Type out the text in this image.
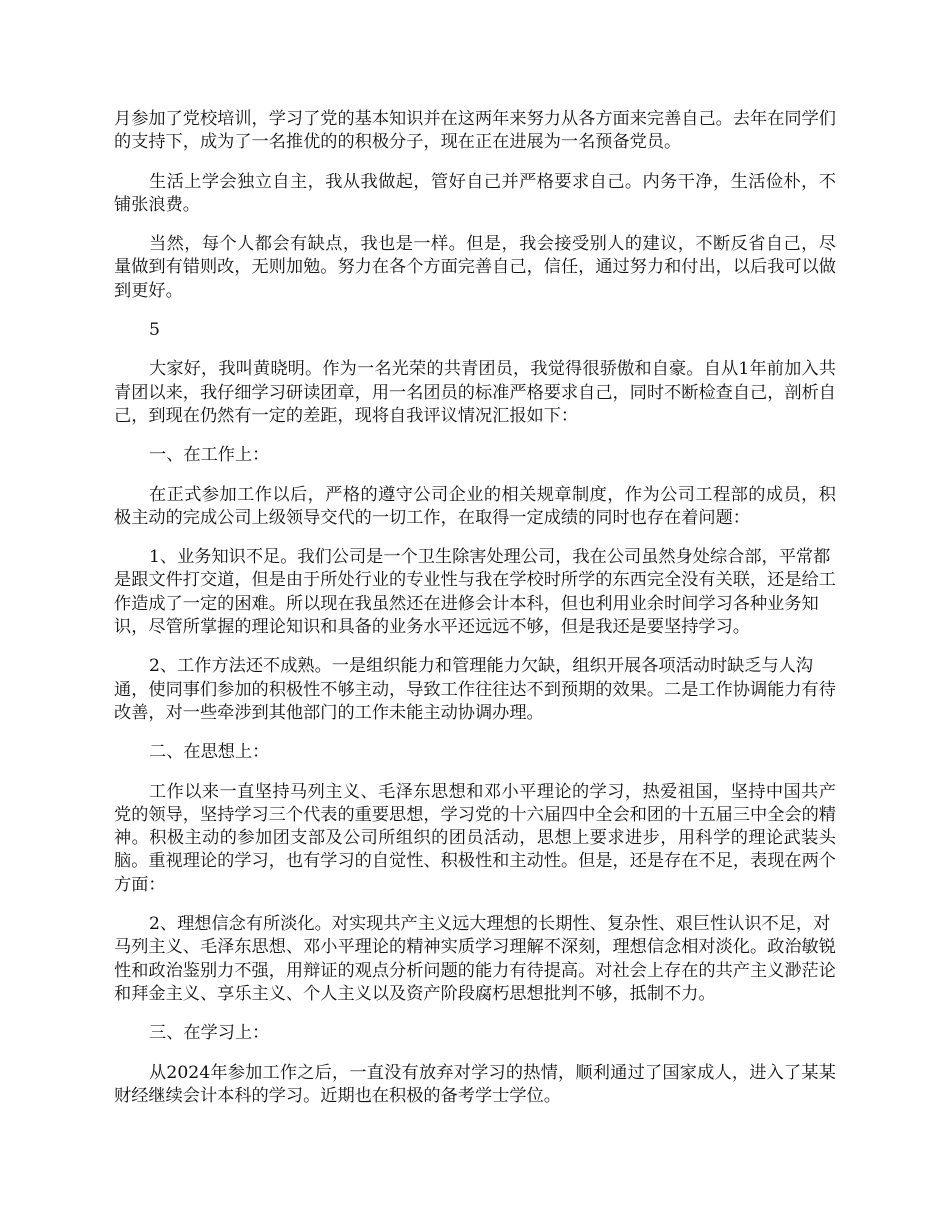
月参加了党校培训，学习了党的基本知识并在这两年来努力从各方面来完善自己。去年在同学们的支持下，成为了一名推优的的积极分子，现在正在进展为一名预备党员。

生活上学会独立自主，我从我做起，管好自己并严格要求自己。内务干净，生活俭朴，不铺张浪费。

当然，每个人都会有缺点，我也是一样。但是，我会接受别人的建议，不断反省自己，尽量做到有错则改，无则加勉。努力在各个方面完善自己，信任，通过努力和付出，以后我可以做到更好。

5

大家好，我叫黄晓明。作为一名光荣的共青团员，我觉得很骄傲和自豪。自从1年前加入共青团以来，我仔细学习研读团章，用一名团员的标准严格要求自己，同时不断检查自己，剖析自己，到现在仍然有一定的差距，现将自我评议情况汇报如下：

一、在工作上：

在正式参加工作以后，严格的遵守公司企业的相关规章制度，作为公司工程部的成员，积极主动的完成公司上级领导交代的一切工作，在取得一定成绩的同时也存在着问题：

1、业务知识不足。我们公司是一个卫生除害处理公司，我在公司虽然身处综合部，平常都是跟文件打交道，但是由于所处行业的专业性与我在学校时所学的东西完全没有关联，还是给工作造成了一定的困难。所以现在我虽然还在进修会计本科，但也利用业余时间学习各种业务知识，尽管所掌握的理论知识和具备的业务水平还远远不够，但是我还是要坚持学习。

2、工作方法还不成熟。一是组织能力和管理能力欠缺，组织开展各项活动时缺乏与人沟通，使同事们参加的积极性不够主动，导致工作往往达不到预期的效果。二是工作协调能力有待改善，对一些牵涉到其他部门的工作未能主动协调办理。

二、在思想上：

工作以来一直坚持马列主义、毛泽东思想和邓小平理论的学习，热爱祖国，坚持中国共产党的领导，坚持学习三个代表的重要思想，学习党的十六届四中全会和团的十五届三中全会的精神。积极主动的参加团支部及公司所组织的团员活动，思想上要求进步，用科学的理论武装头脑。重视理论的学习，也有学习的自觉性、积极性和主动性。但是，还是存在不足，表现在两个方面：

2、理想信念有所淡化。对实现共产主义远大理想的长期性、复杂性、艰巨性认识不足，对马列主义、毛泽东思想、邓小平理论的精神实质学习理解不深刻，理想信念相对淡化。政治敏锐性和政治鉴别力不强，用辩证的观点分析问题的能力有待提高。对社会上存在的共产主义渺茫论和拜金主义、享乐主义、个人主义以及资产阶段腐朽思想批判不够，抵制不力。

三、在学习上：

从2024年参加工作之后，一直没有放弃对学习的热情，顺利通过了国家成人，进入了某某财经继续会计本科的学习。近期也在积极的备考学士学位。
